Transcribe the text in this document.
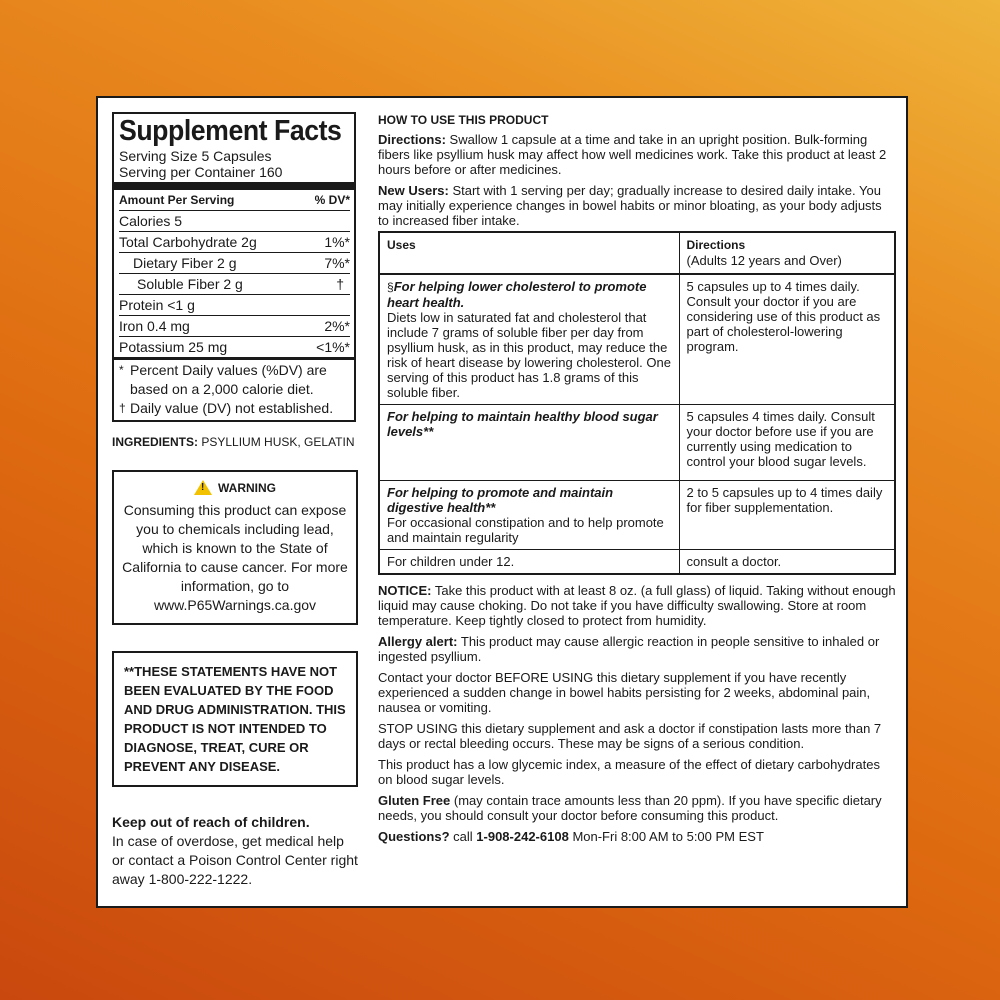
Supplement Facts
Serving Size 5 Capsules
Serving per Container 160
Amount Per Serving	% DV*
Calories 5
Total Carbohydrate 2g	1%*
Dietary Fiber 2 g	7%*
Soluble Fiber 2 g	†
Protein <1 g
Iron 0.4 mg	2%*
Potassium 25 mg	<1%*
* Percent Daily values (%DV) are based on a 2,000 calorie diet.
† Daily value (DV) not established.
INGREDIENTS: PSYLLIUM HUSK, GELATIN
!
WARNING
Consuming this product can expose you to chemicals including lead, which is known to the State of California to cause cancer. For more information, go to www.P65Warnings.ca.gov
**THESE STATEMENTS HAVE NOT BEEN EVALUATED BY THE FOOD AND DRUG ADMINISTRATION. THIS PRODUCT IS NOT INTENDED TO DIAGNOSE, TREAT, CURE OR PREVENT ANY DISEASE.
Keep out of reach of children.
In case of overdose, get medical help or contact a Poison Control Center right away 1-800-222-1222.
HOW TO USE THIS PRODUCT
Directions: Swallow 1 capsule at a time and take in an upright position. Bulk-forming fibers like psyllium husk may affect how well medicines work. Take this product at least 2 hours before or after medicines.
New Users: Start with 1 serving per day; gradually increase to desired daily intake. You may initially experience changes in bowel habits or minor bloating, as your body adjusts to increased fiber intake.
Uses	Directions
(Adults 12 years and Over)
§For helping lower cholesterol to promote heart health.
Diets low in saturated fat and cholesterol that include 7 grams of soluble fiber per day from psyllium husk, as in this product, may reduce the risk of heart disease by lowering cholesterol. One serving of this product has 1.8 grams of this soluble fiber.	5 capsules up to 4 times daily. Consult your doctor if you are considering use of this product as part of cholesterol-lowering program.
For helping to maintain healthy blood sugar levels**	5 capsules 4 times daily. Consult your doctor before use if you are currently using medication to control your blood sugar levels.
For helping to promote and maintain digestive health**
For occasional constipation and to help promote and maintain regularity	2 to 5 capsules up to 4 times daily for fiber supplementation.
For children under 12.	consult a doctor.
NOTICE: Take this product with at least 8 oz. (a full glass) of liquid. Taking without enough liquid may cause choking. Do not take if you have difficulty swallowing. Store at room temperature. Keep tightly closed to protect from humidity.
Allergy alert: This product may cause allergic reaction in people sensitive to inhaled or ingested psyllium.
Contact your doctor BEFORE USING this dietary supplement if you have recently experienced a sudden change in bowel habits persisting for 2 weeks, abdominal pain, nausea or vomiting.
STOP USING this dietary supplement and ask a doctor if constipation lasts more than 7 days or rectal bleeding occurs. These may be signs of a serious condition.
This product has a low glycemic index, a measure of the effect of dietary carbohydrates on blood sugar levels.
Gluten Free (may contain trace amounts less than 20 ppm). If you have specific dietary needs, you should consult your doctor before consuming this product.
Questions? call 1-908-242-6108 Mon-Fri 8:00 AM to 5:00 PM EST
